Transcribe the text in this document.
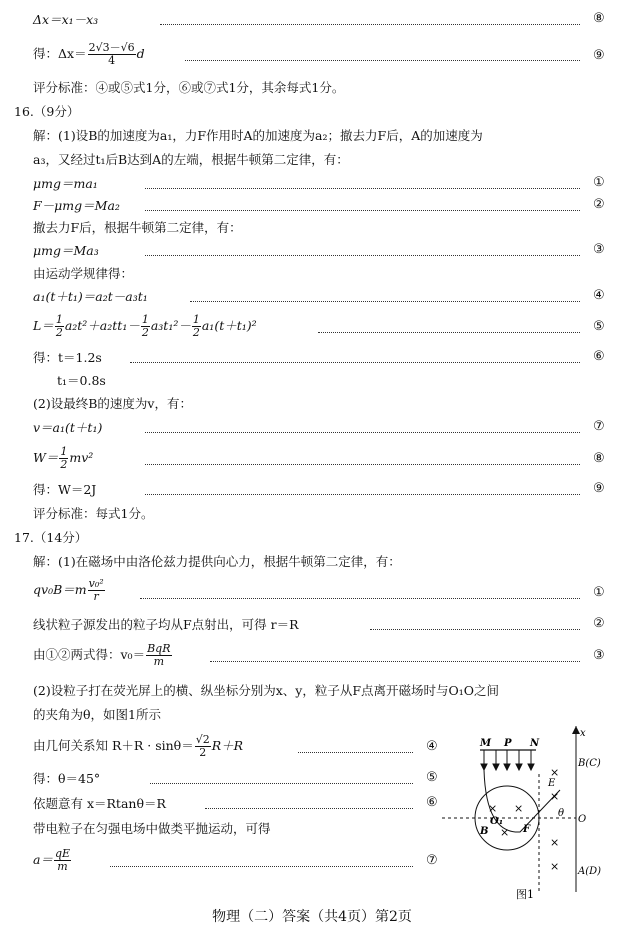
Δx＝x₁－x₃	⑧
得：$\Delta x= \frac{2√3-√6}{4}$ d	⑨
评分标准：④或⑤式1分，⑥或⑦式1分，其余每式1分。
16.（9分）
解：(1)设B的加速度为a₁，力F作用时A的加速度为a₂；撤去力F后，A的加速度为
a₃，又经过t₁后B达到A的左端，根据牛顿第二定律，有：
μmg＝ma₁	①
F－μmg＝Ma₂	②
撤去力F后，根据牛顿第二定律，有：
μmg＝Ma₃	③
由运动学规律得：
a₁(t＋t₁)＝a₂t－a₃t₁	④
$L= \frac{1}{2} a_2t^2+a_2tt_1- \frac{1}{2} a_3t_1^2- \frac{1}{2} a_1(t+t_1)^2$	⑤
得：t＝1.2s	⑥
t₁＝0.8s
(2)设最终B的速度为v，有：
v＝a₁(t＋t₁)	⑦
$W= \frac{1}{2} mv^2$	⑧
得：W＝2J	⑨
评分标准：每式1分。
17.（14分）
解：(1)在磁场中由洛伦兹力提供向心力，根据牛顿第二定律，有：
$qv_0B=m \frac{\text{v₀²}}{r}$	①
线状粒子源发出的粒子均从F点射出，可得 r＝R	②
由①②两式得：$v_0= \frac{\text{BqR}}{m}$	③
(2)设粒子打在荧光屏上的横、纵坐标分别为x、y，粒子从F点离开磁场时与O₁O之间
的夹角为θ，如图1所示
由几何关系知 $R+R \cdot \sin\theta= \frac{√2}{2} R+R$	④
得：θ＝45°	⑤
依题意有 x＝Rtanθ＝R	⑥
带电粒子在匀强电场中做类平抛运动，可得
$a= \frac{qE}{m}$	⑦
x
M P N
× ×
×
×
×
×
×
E
B(C)
O
A(D)
θ
O₁
B	F
图1
物理（二）答案（共4页）第2页
